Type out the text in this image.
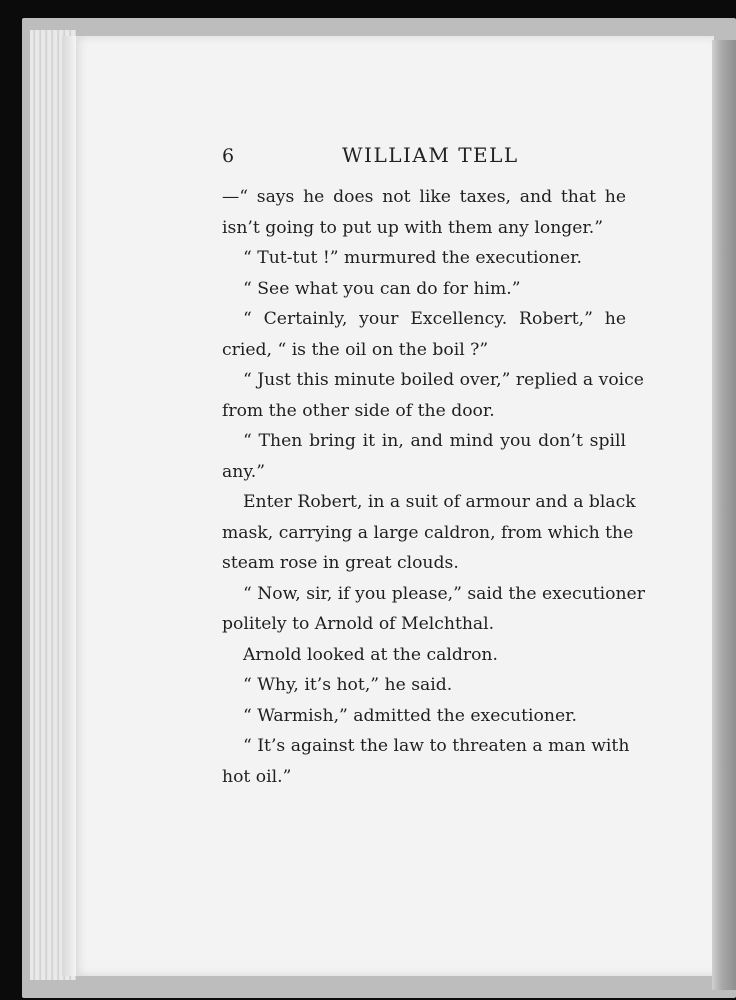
6	WILLIAM TELL
—“ says he does not like taxes, and that he
isn’t going to put up with them any longer.”
“ Tut-tut !” murmured the executioner.
“ See what you can do for him.”
“ Certainly, your Excellency. Robert,” he
cried, “ is the oil on the boil ?”
“ Just this minute boiled over,” replied a voice
from the other side of the door.
“ Then bring it in, and mind you don’t spill
any.”
Enter Robert, in a suit of armour and a black
mask, carrying a large caldron, from which the
steam rose in great clouds.
“ Now, sir, if you please,” said the executioner
politely to Arnold of Melchthal.
Arnold looked at the caldron.
“ Why, it’s hot,” he said.
“ Warmish,” admitted the executioner.
“ It’s against the law to threaten a man with
hot oil.”
